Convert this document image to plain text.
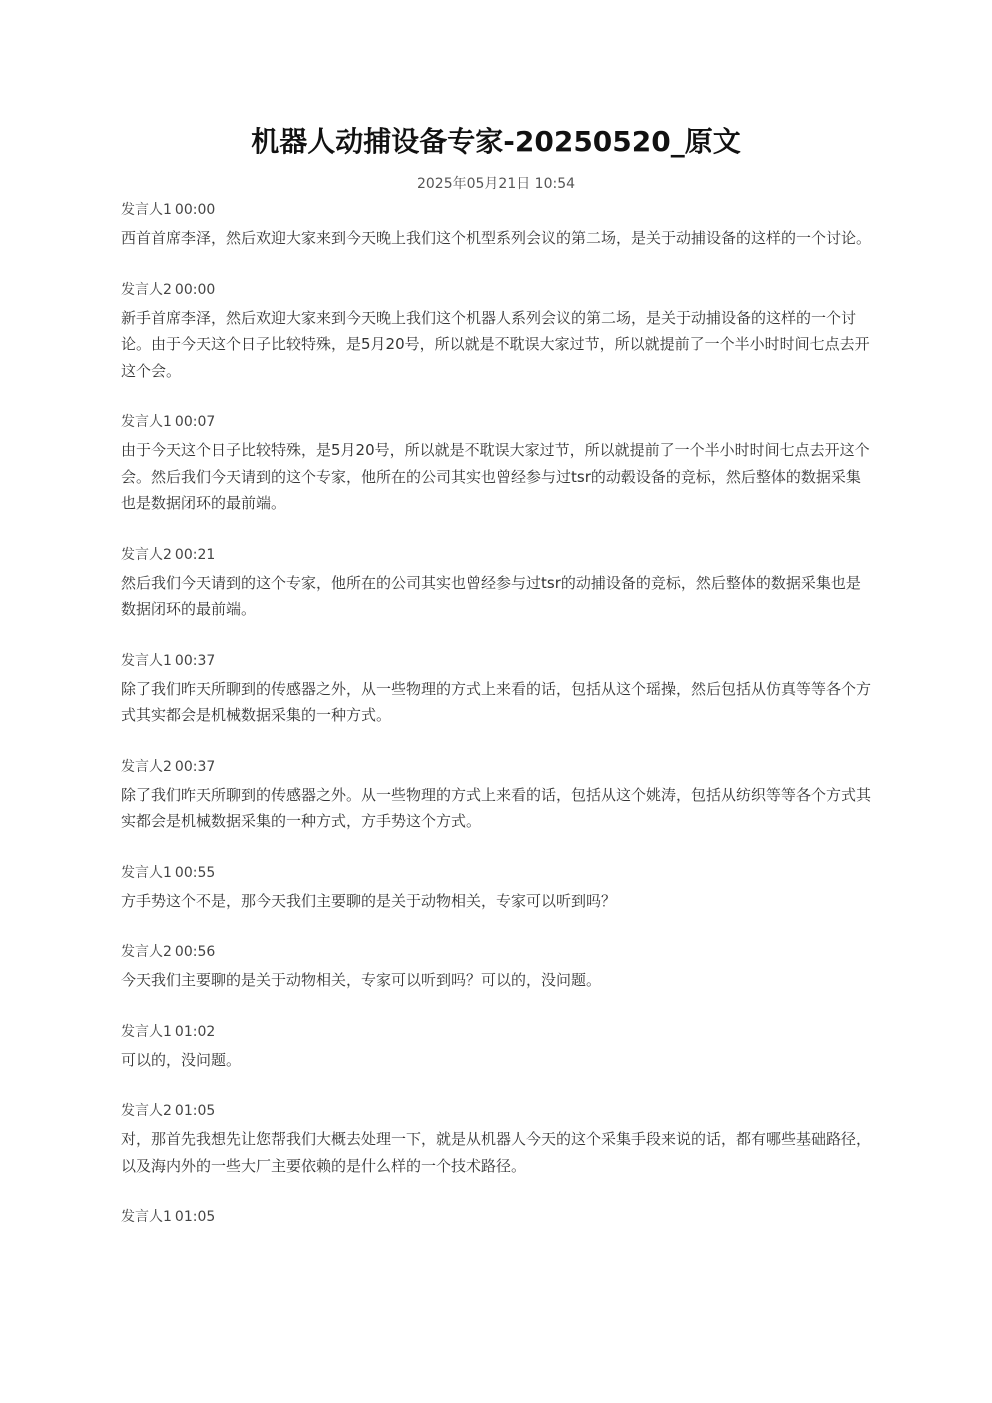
机器人动捕设备专家-20250520_原文
2025年05月21日 10:54
发言人1 00:00

西首首席李泽，然后欢迎大家来到今天晚上我们这个机型系列会议的第二场，是关于动捕设备的这样的一个讨论。

发言人2 00:00

新手首席李泽，然后欢迎大家来到今天晚上我们这个机器人系列会议的第二场，是关于动捕设备的这样的一个讨论。由于今天这个日子比较特殊，是5月20号，所以就是不耽误大家过节，所以就提前了一个半小时时间七点去开这个会。

发言人1 00:07

由于今天这个日子比较特殊，是5月20号，所以就是不耽误大家过节，所以就提前了一个半小时时间七点去开这个会。然后我们今天请到的这个专家，他所在的公司其实也曾经参与过tsr的动毂设备的竞标，然后整体的数据采集也是数据闭环的最前端。

发言人2 00:21

然后我们今天请到的这个专家，他所在的公司其实也曾经参与过tsr的动捕设备的竞标，然后整体的数据采集也是数据闭环的最前端。

发言人1 00:37

除了我们昨天所聊到的传感器之外，从一些物理的方式上来看的话，包括从这个瑶操，然后包括从仿真等等各个方式其实都会是机械数据采集的一种方式。

发言人2 00:37

除了我们昨天所聊到的传感器之外。从一些物理的方式上来看的话，包括从这个姚涛，包括从纺织等等各个方式其实都会是机械数据采集的一种方式，方手势这个方式。

发言人1 00:55

方手势这个不是，那今天我们主要聊的是关于动物相关，专家可以听到吗？

发言人2 00:56

今天我们主要聊的是关于动物相关，专家可以听到吗？可以的，没问题。

发言人1 01:02

可以的，没问题。

发言人2 01:05

对，那首先我想先让您帮我们大概去处理一下，就是从机器人今天的这个采集手段来说的话，都有哪些基础路径，以及海内外的一些大厂主要依赖的是什么样的一个技术路径。

发言人1 01:05
